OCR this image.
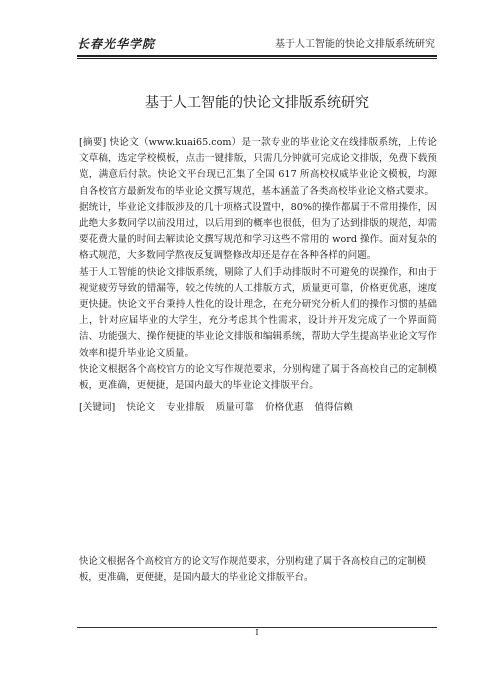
长春光华学院	基于人工智能的快论文排版系统研究
基于人工智能的快论文排版系统研究

[摘要] 快论文（www.kuai65.com）是一款专业的毕业论文在线排版系统，上传论文草稿，选定学校模板，点击一键排版，只需几分钟就可完成论文排版，免费下载预览，满意后付款。快论文平台现已汇集了全国 617 所高校权威毕业论文模板，均源自各校官方最新发布的毕业论文撰写规范，基本涵盖了各类高校毕业论文格式要求。

据统计，毕业论文排版涉及的几十项格式设置中，80%的操作都属于不常用操作，因此绝大多数同学以前没用过，以后用到的概率也很低，但为了达到排版的规范，却需要花费大量的时间去解读论文撰写规范和学习这些不常用的 word 操作。面对复杂的格式规范，大多数同学熬夜反复调整修改却还是存在各种各样的问题。

基于人工智能的快论文排版系统，剔除了人们手动排版时不可避免的误操作，和由于视觉疲劳导致的错漏等，较之传统的人工排版方式，质量更可靠，价格更优惠，速度更快捷。快论文平台秉持人性化的设计理念，在充分研究分析人们的操作习惯的基础上，针对应届毕业的大学生，充分考虑其个性需求，设计并开发完成了一个界面简洁、功能强大、操作便捷的毕业论文排版和编辑系统，帮助大学生提高毕业论文写作效率和提升毕业论文质量。

快论文根据各个高校官方的论文写作规范要求，分别构建了属于各高校自己的定制模板，更准确，更便捷，是国内最大的毕业论文排版平台。

[关键词] 快论文 专业排版 质量可靠 价格优惠 值得信赖
快论文根据各个高校官方的论文写作规范要求，分别构建了属于各高校自己的定制模板，更准确，更便捷，是国内最大的毕业论文排版平台。
I
